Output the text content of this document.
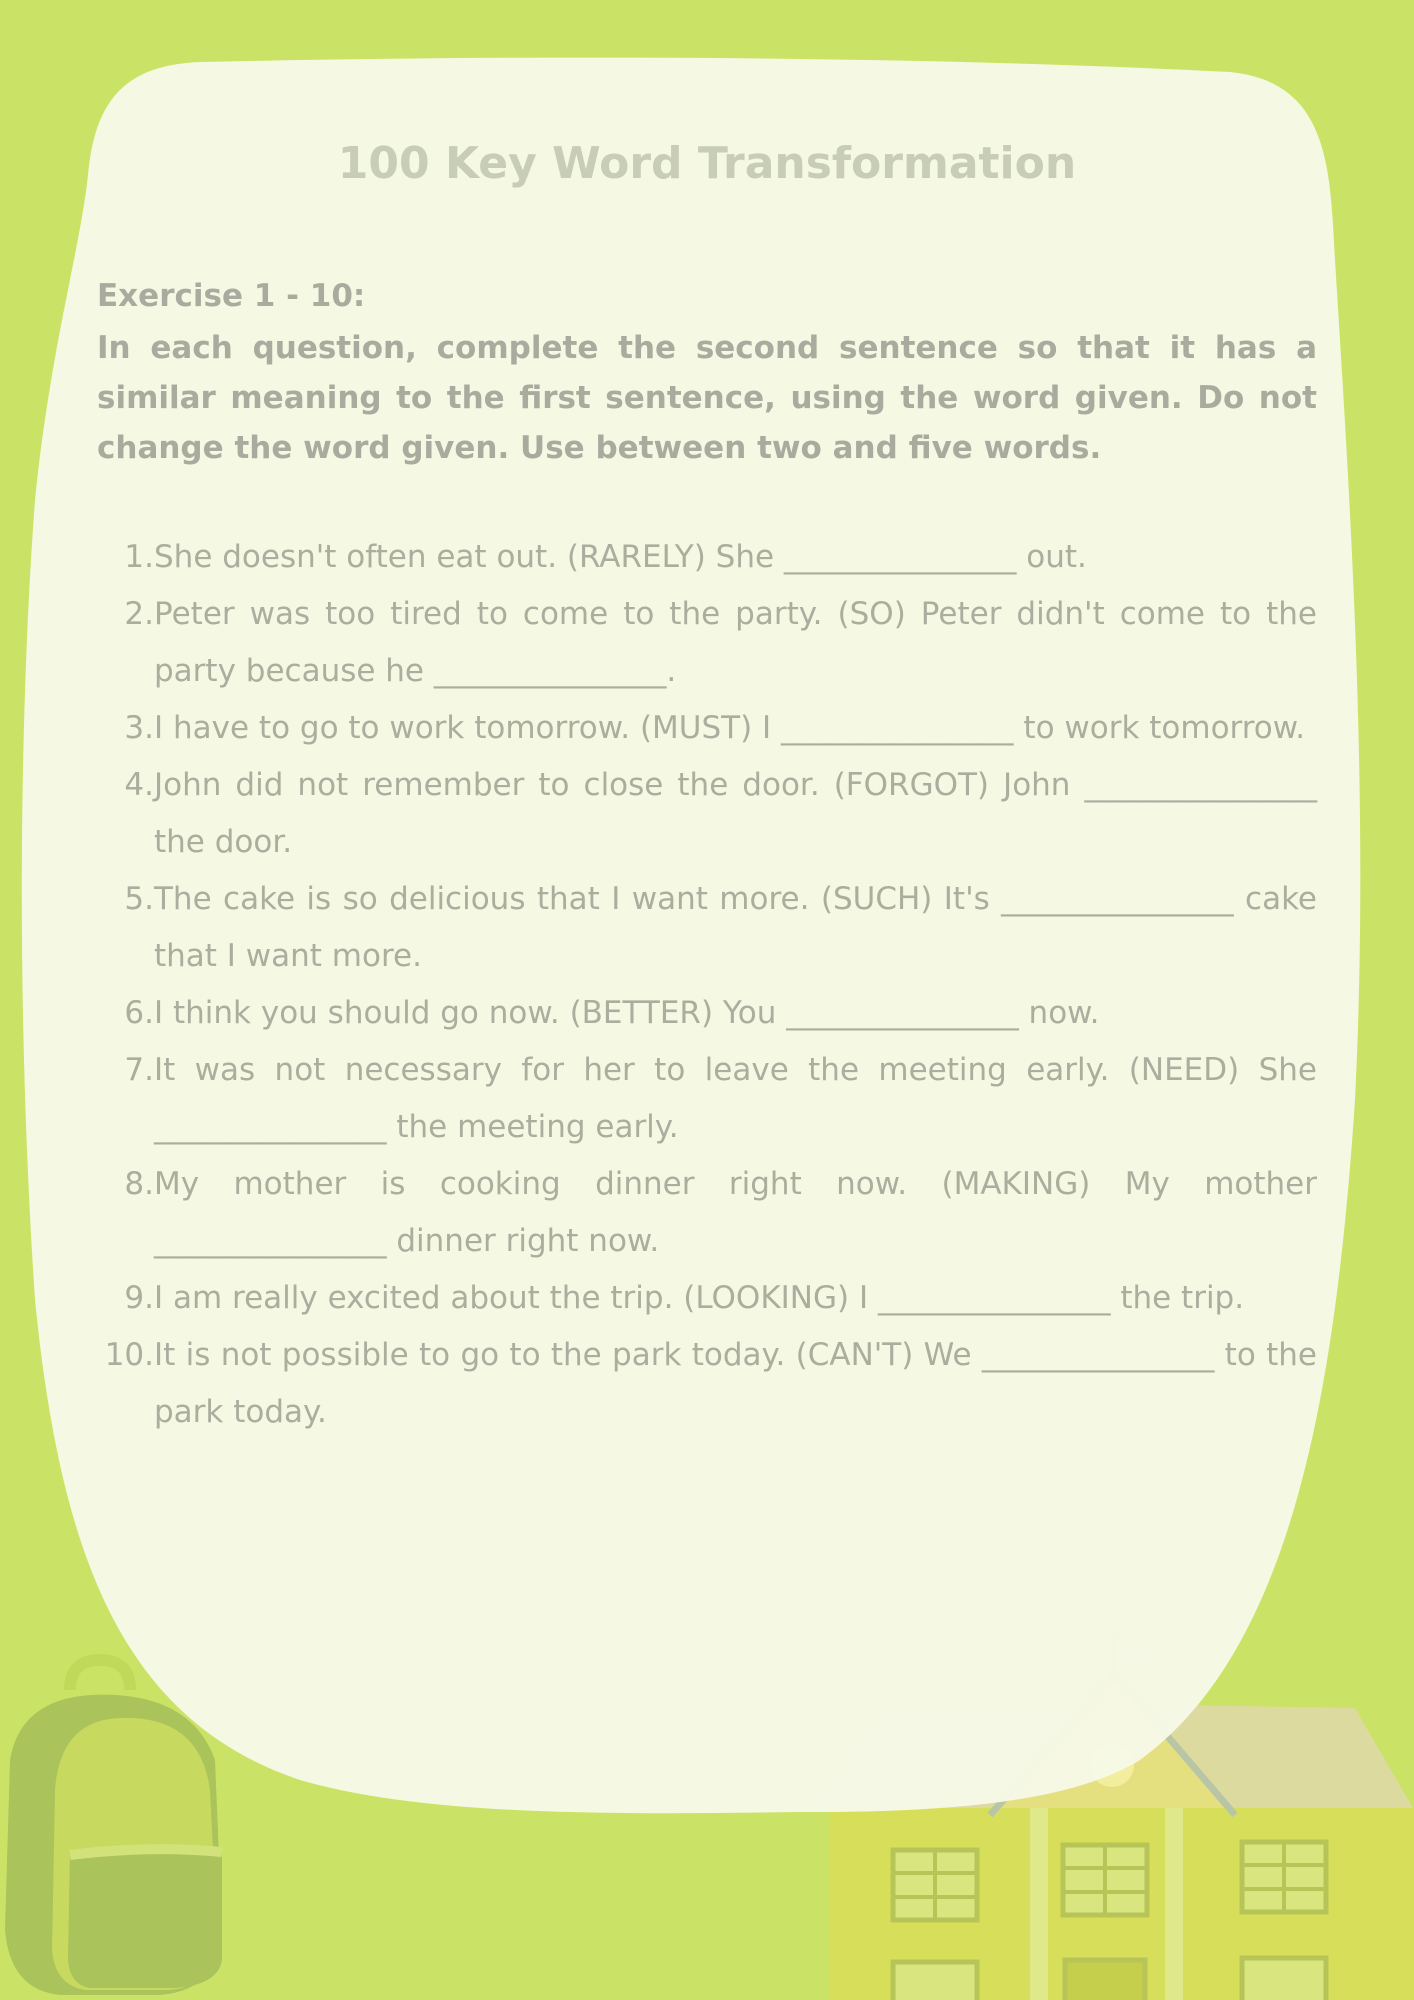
100 Key Word Transformation

Exercise 1 - 10:

In each question, complete the second sentence so that it has a similar meaning to the first sentence, using the word given. Do not change the word given. Use between two and five words.

1. She doesn't often eat out. (RARELY) She _______________ out.
2. Peter was too tired to come to the party. (SO) Peter didn't come to the party because he _______________.
3. I have to go to work tomorrow. (MUST) I _______________ to work tomorrow.
4. John did not remember to close the door. (FORGOT) John _______________ the door.
5. The cake is so delicious that I want more. (SUCH) It's _______________ cake that I want more.
6. I think you should go now. (BETTER) You _______________ now.
7. It was not necessary for her to leave the meeting early. (NEED) She _______________ the meeting early.
8. My mother is cooking dinner right now. (MAKING) My mother _______________ dinner right now.
9. I am really excited about the trip. (LOOKING) I _______________ the trip.
10. It is not possible to go to the park today. (CAN'T) We _______________ to the park today.
